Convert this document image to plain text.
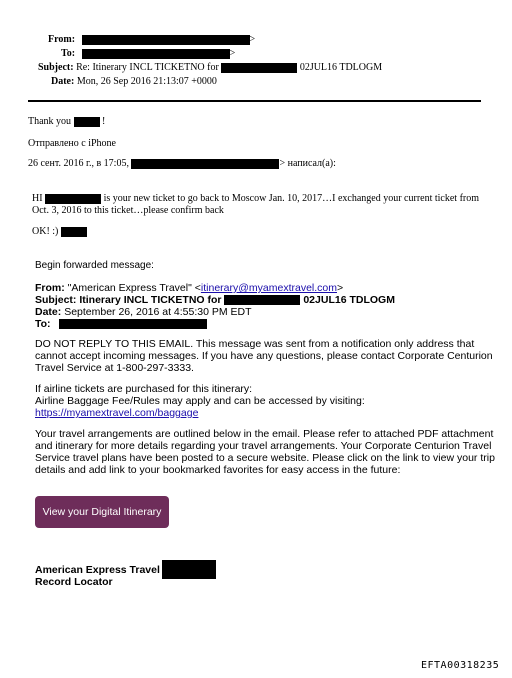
From:	>
To:	>
Subject: Re: Itinerary INCL TICKETNO for	02JUL16 TDLOGM
Date: Mon, 26 Sep 2016 21:13:07 +0000
Thank you	!
Отправлено с iPhone
26 сент. 2016 г., в 17:05,	> написал(а):
HI	is your new ticket to go back to Moscow Jan. 10, 2017…I exchanged your current ticket from
Oct. 3, 2016 to this ticket…please confirm back
OK! :)
Begin forwarded message:
From: "American Express Travel" <itinerary@myamextravel.com>
Subject: Itinerary INCL TICKETNO for	02JUL16 TDLOGM
Date: September 26, 2016 at 4:55:30 PM EDT
To:
DO NOT REPLY TO THIS EMAIL. This message was sent from a notification only address that
cannot accept incoming messages. If you have any questions, please contact Corporate Centurion
Travel Service at 1-800-297-3333.
If airline tickets are purchased for this itinerary:
Airline Baggage Fee/Rules may apply and can be accessed by visiting:
https://myamextravel.com/baggage
Your travel arrangements are outlined below in the email. Please refer to attached PDF attachment
and itinerary for more details regarding your travel arrangements. Your Corporate Centurion Travel
Service travel plans have been posted to a secure website. Please click on the link to view your trip
details and add link to your bookmarked favorites for easy access in the future:
View your Digital Itinerary
American Express Travel
Record Locator
EFTA00318235
